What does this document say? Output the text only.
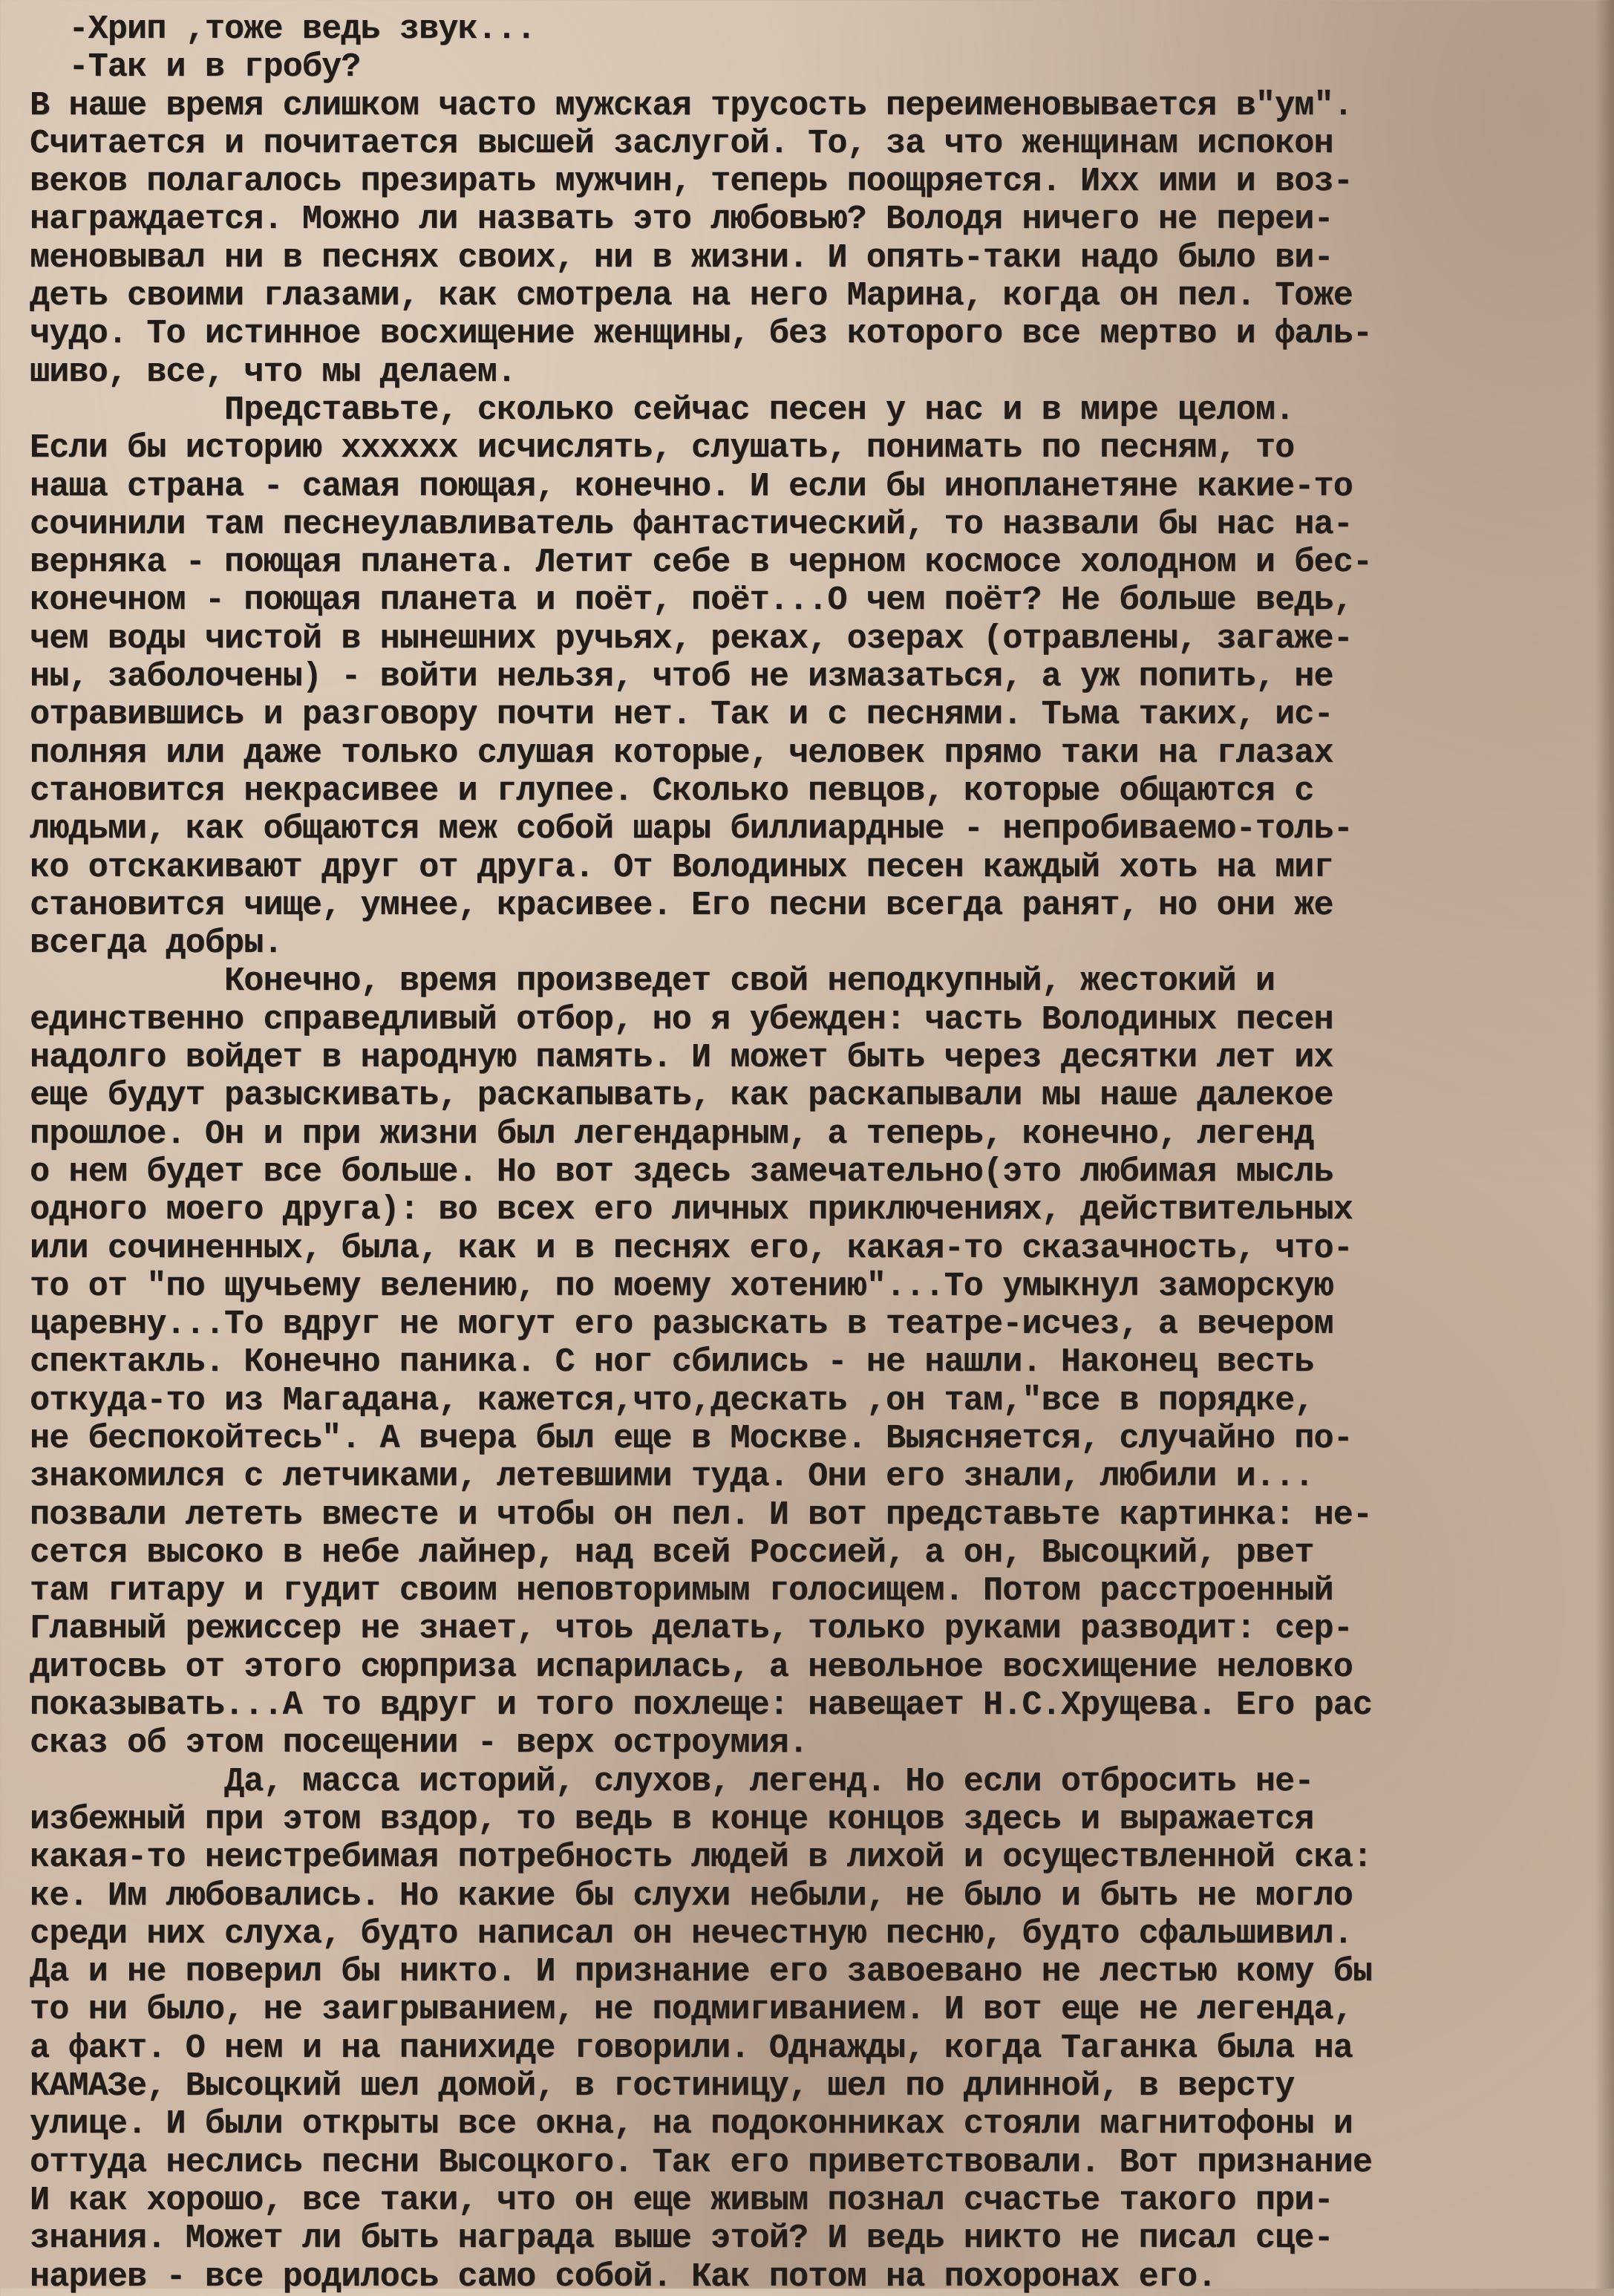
-Хрип ,тоже ведь звук...
-Так и в гробу?
В наше время слишком часто мужская трусость переименовывается в"ум".
Считается и почитается высшей заслугой. То, за что женщинам испокон
веков полагалось презирать мужчин, теперь поощряется. Ихх ими и воз-
награждается. Можно ли назвать это любовью? Володя ничего не переи-
меновывал ни в песнях своих, ни в жизни. И опять-таки надо было ви-
деть своими глазами, как смотрела на него Марина, когда он пел. Тоже
чудо. То истинное восхищение женщины, без которого все мертво и фаль-
шиво, все, что мы делаем.
Представьте, сколько сейчас песен у нас и в мире целом.
Если бы историю хххххх исчислять, слушать, понимать по песням, то
наша страна - самая поющая, конечно. И если бы инопланетяне какие-то
сочинили там песнеулавливатель фантастический, то назвали бы нас на-
верняка - поющая планета. Летит себе в черном космосе холодном и бес-
конечном - поющая планета и поёт, поёт...О чем поёт? Не больше ведь,
чем воды чистой в нынешних ручьях, реках, озерах (отравлены, загаже-
ны, заболочены) - войти нельзя, чтоб не измазаться, а уж попить, не
отравившись и разговору почти нет. Так и с песнями. Тьма таких, ис-
полняя или даже только слушая которые, человек прямо таки на глазах
становится некрасивее и глупее. Сколько певцов, которые общаются с
людьми, как общаются меж собой шары биллиардные - непробиваемо-толь-
ко отскакивают друг от друга. От Володиных песен каждый хоть на миг
становится чище, умнее, красивее. Его песни всегда ранят, но они же
всегда добры.
Конечно, время произведет свой неподкупный, жестокий и
единственно справедливый отбор, но я убежден: часть Володиных песен
надолго войдет в народную память. И может быть через десятки лет их
еще будут разыскивать, раскапывать, как раскапывали мы наше далекое
прошлое. Он и при жизни был легендарным, а теперь, конечно, легенд
о нем будет все больше. Но вот здесь замечательно(это любимая мысль
одного моего друга): во всех его личных приключениях, действительных
или сочиненных, была, как и в песнях его, какая-то сказачность, что-
то от "по щучьему велению, по моему хотению"...То умыкнул заморскую
царевну...То вдруг не могут его разыскать в театре-исчез, а вечером
спектакль. Конечно паника. С ног сбились - не нашли. Наконец весть
откуда-то из Магадана, кажется,что,дескать ,он там,"все в порядке,
не беспокойтесь". А вчера был еще в Москве. Выясняется, случайно по-
знакомился с летчиками, летевшими туда. Они его знали, любили и...
позвали лететь вместе и чтобы он пел. И вот представьте картинка: не-
сется высоко в небе лайнер, над всей Россией, а он, Высоцкий, рвет
там гитару и гудит своим неповторимым голосищем. Потом расстроенный
Главный режиссер не знает, чтоь делать, только руками разводит: сер-
дитосвь от этого сюрприза испарилась, а невольное восхищение неловко
показывать...А то вдруг и того похлеще: навещает Н.С.Хрущева. Его рас
сказ об этом посещении - верх остроумия.
Да, масса историй, слухов, легенд. Но если отбросить не-
избежный при этом вздор, то ведь в конце концов здесь и выражается
какая-то неистребимая потребность людей в лихой и осуществленной ска:
ке. Им любовались. Но какие бы слухи небыли, не было и быть не могло
среди них слуха, будто написал он нечестную песню, будто сфальшивил.
Да и не поверил бы никто. И признание его завоевано не лестью кому бы
то ни было, не заигрыванием, не подмигиванием. И вот еще не легенда,
а факт. О нем и на панихиде говорили. Однажды, когда Таганка была на
КАМАЗе, Высоцкий шел домой, в гостиницу, шел по длинной, в версту
улице. И были открыты все окна, на подоконниках стояли магнитофоны и
оттуда неслись песни Высоцкого. Так его приветствовали. Вот признание
И как хорошо, все таки, что он еще живым познал счастье такого при-
знания. Может ли быть награда выше этой? И ведь никто не писал сце-
нариев - все родилось само собой. Как потом на похоронах его.
